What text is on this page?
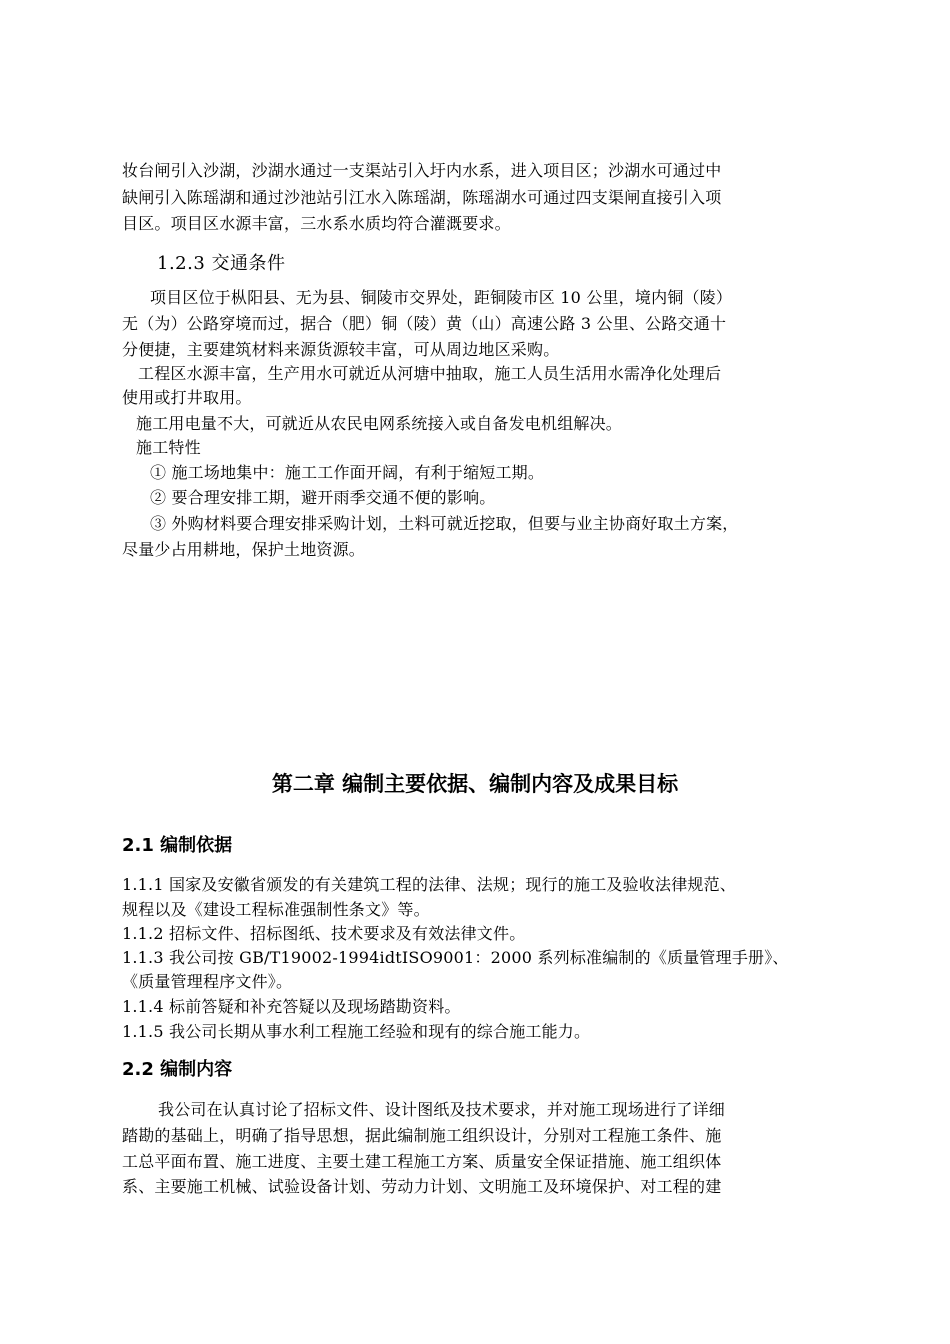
妆台闸引入沙湖，沙湖水通过一支渠站引入圩内水系，进入项目区；沙湖水可通过中
缺闸引入陈瑶湖和通过沙池站引江水入陈瑶湖，陈瑶湖水可通过四支渠闸直接引入项
目区。项目区水源丰富，三水系水质均符合灌溉要求。
1.2.3 交通条件
项目区位于枞阳县、无为县、铜陵市交界处，距铜陵市区 10 公里，境内铜（陵）
无（为）公路穿境而过，据合（肥）铜（陵）黄（山）高速公路 3 公里、公路交通十
分便捷，主要建筑材料来源货源较丰富，可从周边地区采购。
工程区水源丰富，生产用水可就近从河塘中抽取，施工人员生活用水需净化处理后
使用或打井取用。
施工用电量不大，可就近从农民电网系统接入或自备发电机组解决。
施工特性
① 施工场地集中：施工工作面开阔，有利于缩短工期。
② 要合理安排工期，避开雨季交通不便的影响。
③ 外购材料要合理安排采购计划，土料可就近挖取，但要与业主协商好取土方案，
尽量少占用耕地，保护土地资源。
第二章 编制主要依据、编制内容及成果目标
2.1 编制依据
1.1.1 国家及安徽省颁发的有关建筑工程的法律、法规；现行的施工及验收法律规范、
规程以及《建设工程标准强制性条文》等。
1.1.2 招标文件、招标图纸、技术要求及有效法律文件。
1.1.3 我公司按 GB/T19002-1994idtISO9001：2000 系列标准编制的《质量管理手册》、
《质量管理程序文件》。
1.1.4 标前答疑和补充答疑以及现场踏勘资料。
1.1.5 我公司长期从事水利工程施工经验和现有的综合施工能力。
2.2 编制内容
我公司在认真讨论了招标文件、设计图纸及技术要求，并对施工现场进行了详细
踏勘的基础上，明确了指导思想，据此编制施工组织设计，分别对工程施工条件、施
工总平面布置、施工进度、主要土建工程施工方案、质量安全保证措施、施工组织体
系、主要施工机械、试验设备计划、劳动力计划、文明施工及环境保护、对工程的建
